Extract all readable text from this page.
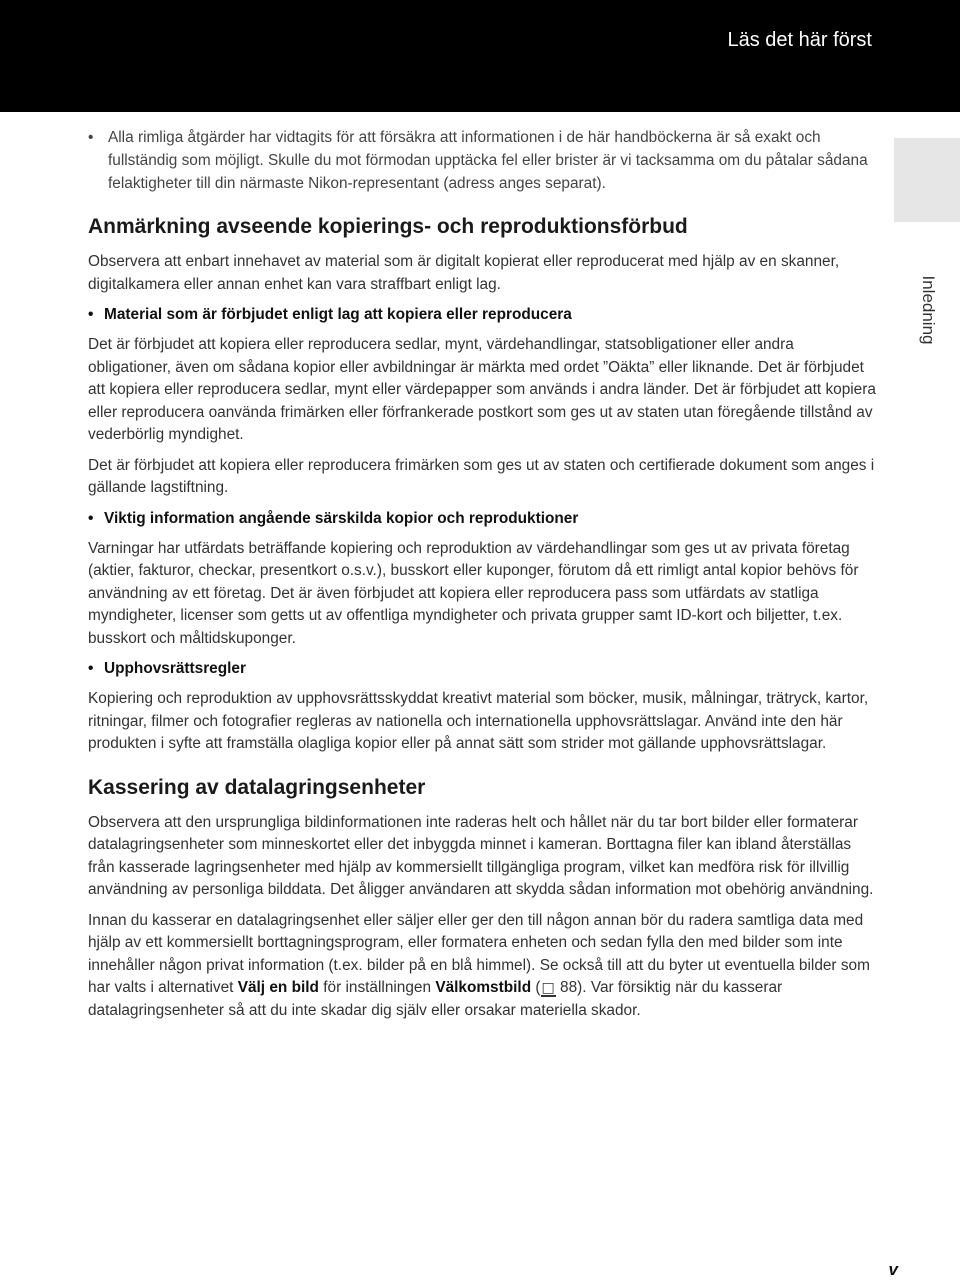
Läs det här först
Inledning
• Alla rimliga åtgärder har vidtagits för att försäkra att informationen i de här handböckerna är så exakt och fullständig som möjligt. Skulle du mot förmodan upptäcka fel eller brister är vi tacksamma om du påtalar sådana felaktigheter till din närmaste Nikon-representant (adress anges separat).
Anmärkning avseende kopierings- och reproduktionsförbud

Observera att enbart innehavet av material som är digitalt kopierat eller reproducerat med hjälp av en skanner, digitalkamera eller annan enhet kan vara straffbart enligt lag.

• Material som är förbjudet enligt lag att kopiera eller reproducera

Det är förbjudet att kopiera eller reproducera sedlar, mynt, värdehandlingar, statsobligationer eller andra obligationer, även om sådana kopior eller avbildningar är märkta med ordet ”Oäkta” eller liknande. Det är förbjudet att kopiera eller reproducera sedlar, mynt eller värdepapper som används i andra länder. Det är förbjudet att kopiera eller reproducera oanvända frimärken eller förfrankerade postkort som ges ut av staten utan föregående tillstånd av vederbörlig myndighet.

Det är förbjudet att kopiera eller reproducera frimärken som ges ut av staten och certifierade dokument som anges i gällande lagstiftning.

• Viktig information angående särskilda kopior och reproduktioner

Varningar har utfärdats beträffande kopiering och reproduktion av värdehandlingar som ges ut av privata företag (aktier, fakturor, checkar, presentkort o.s.v.), busskort eller kuponger, förutom då ett rimligt antal kopior behövs för användning av ett företag. Det är även förbjudet att kopiera eller reproducera pass som utfärdats av statliga myndigheter, licenser som getts ut av offentliga myndigheter och privata grupper samt ID-kort och biljetter, t.ex. busskort och måltidskuponger.

• Upphovsrättsregler

Kopiering och reproduktion av upphovsrättsskyddat kreativt material som böcker, musik, målningar, trätryck, kartor, ritningar, filmer och fotografier regleras av nationella och internationella upphovsrättslagar. Använd inte den här produkten i syfte att framställa olagliga kopior eller på annat sätt som strider mot gällande upphovsrättslagar.

Kassering av datalagringsenheter

Observera att den ursprungliga bildinformationen inte raderas helt och hållet när du tar bort bilder eller formaterar datalagringsenheter som minneskortet eller det inbyggda minnet i kameran. Borttagna filer kan ibland återställas från kasserade lagringsenheter med hjälp av kommersiellt tillgängliga program, vilket kan medföra risk för illvillig användning av personliga bilddata. Det åligger användaren att skydda sådan information mot obehörig användning.

Innan du kasserar en datalagringsenhet eller säljer eller ger den till någon annan bör du radera samtliga data med hjälp av ett kommersiellt borttagningsprogram, eller formatera enheten och sedan fylla den med bilder som inte innehåller någon privat information (t.ex. bilder på en blå himmel). Se också till att du byter ut eventuella bilder som har valts i alternativet Välj en bild för inställningen Välkomstbild (□ 88). Var försiktig när du kasserar datalagringsenheter så att du inte skadar dig själv eller orsakar materiella skador.

v
